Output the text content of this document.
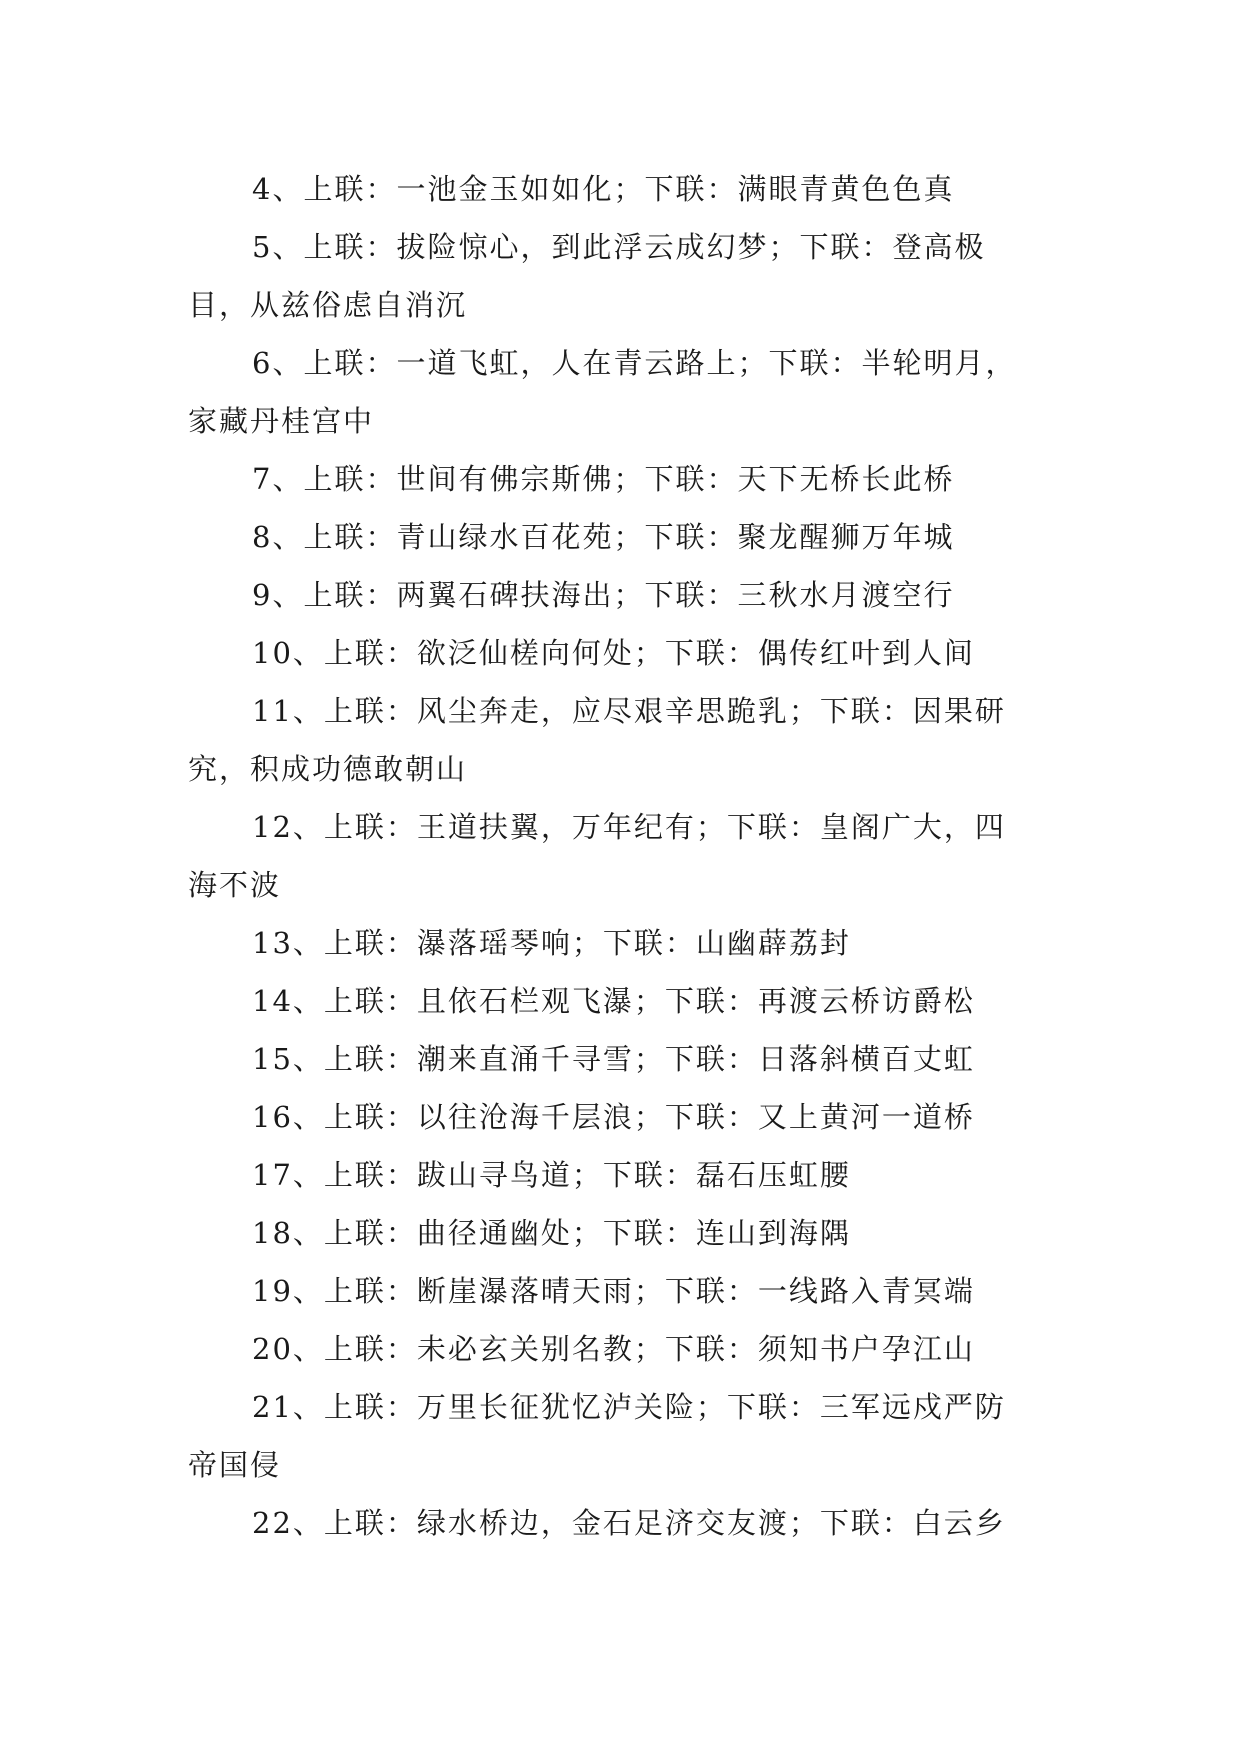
4、上联：一池金玉如如化；下联：满眼青黄色色真
5、上联：拔险惊心，到此浮云成幻梦；下联：登高极
目，从兹俗虑自消沉
6、上联：一道飞虹，人在青云路上；下联：半轮明月，
家藏丹桂宫中
7、上联：世间有佛宗斯佛；下联：天下无桥长此桥
8、上联：青山绿水百花苑；下联：聚龙醒狮万年城
9、上联：两翼石碑扶海出；下联：三秋水月渡空行
10、上联：欲泛仙槎向何处；下联：偶传红叶到人间
11、上联：风尘奔走，应尽艰辛思跪乳；下联：因果研
究，积成功德敢朝山
12、上联：王道扶翼，万年纪有；下联：皇阁广大，四
海不波
13、上联：瀑落瑶琴响；下联：山幽薜荔封
14、上联：且依石栏观飞瀑；下联：再渡云桥访爵松
15、上联：潮来直涌千寻雪；下联：日落斜横百丈虹
16、上联：以往沧海千层浪；下联：又上黄河一道桥
17、上联：跋山寻鸟道；下联：磊石压虹腰
18、上联：曲径通幽处；下联：连山到海隅
19、上联：断崖瀑落晴天雨；下联：一线路入青冥端
20、上联：未必玄关别名教；下联：须知书户孕江山
21、上联：万里长征犹忆泸关险；下联：三军远戍严防
帝国侵
22、上联：绿水桥边，金石足济交友渡；下联：白云乡
